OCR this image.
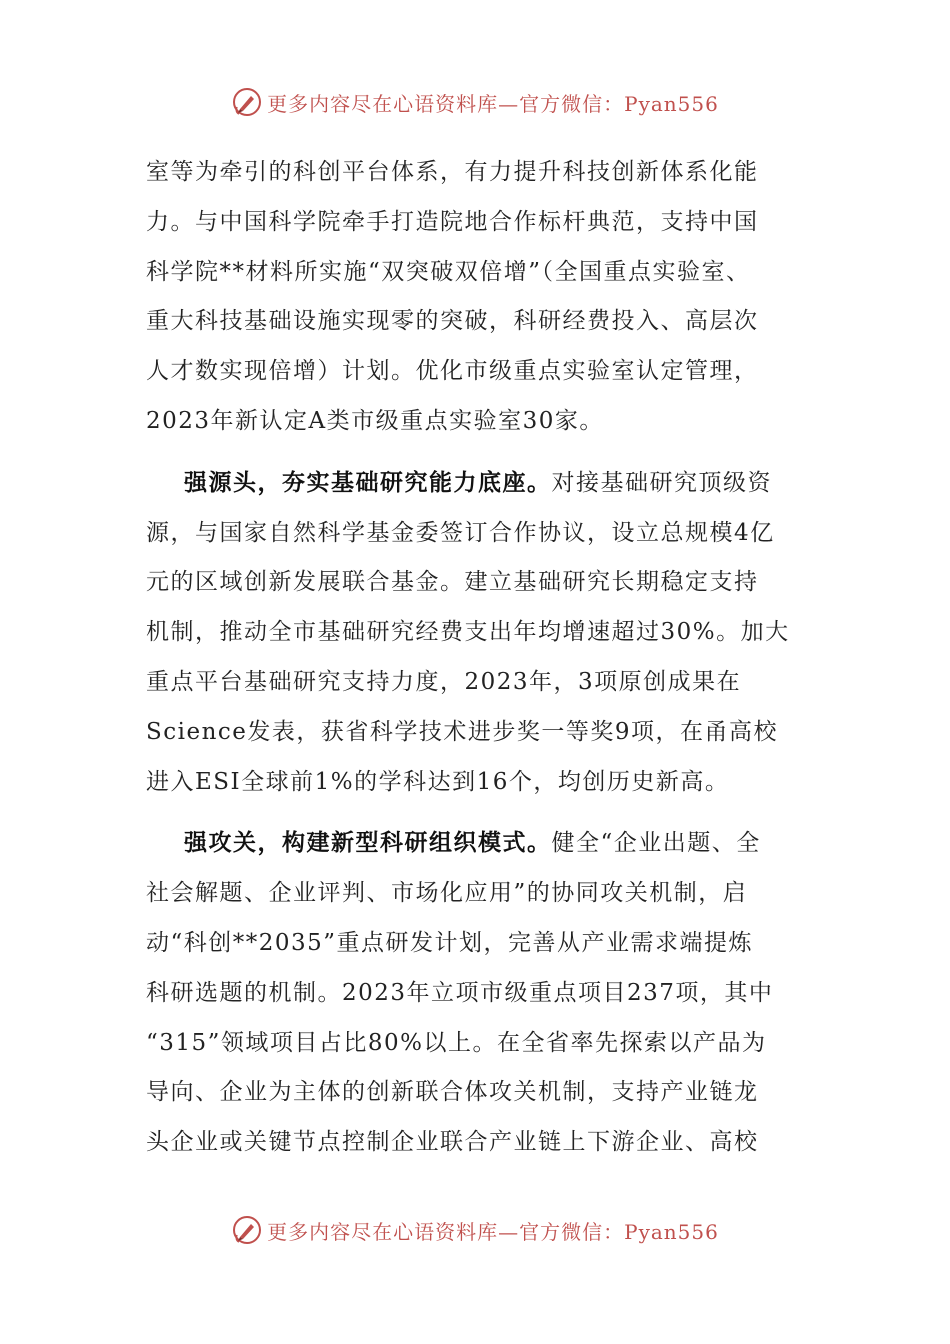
更多内容尽在心语资料库—官方微信：Pyan556
室等为牵引的科创平台体系，有力提升科技创新体系化能
力。与中国科学院牵手打造院地合作标杆典范，支持中国
科学院**材料所实施“双突破双倍增”（全国重点实验室、
重大科技基础设施实现零的突破，科研经费投入、高层次
人才数实现倍增）计划。优化市级重点实验室认定管理，
2023年新认定A类市级重点实验室30家。
强源头，夯实基础研究能力底座。对接基础研究顶级资
源，与国家自然科学基金委签订合作协议，设立总规模4亿
元的区域创新发展联合基金。建立基础研究长期稳定支持
机制，推动全市基础研究经费支出年均增速超过30%。加大
重点平台基础研究支持力度，2023年，3项原创成果在
Science发表，获省科学技术进步奖一等奖9项，在甬高校
进入ESI全球前1%的学科达到16个，均创历史新高。
强攻关，构建新型科研组织模式。健全“企业出题、全
社会解题、企业评判、市场化应用”的协同攻关机制，启
动“科创**2035”重点研发计划，完善从产业需求端提炼
科研选题的机制。2023年立项市级重点项目237项，其中
“315”领域项目占比80%以上。在全省率先探索以产品为
导向、企业为主体的创新联合体攻关机制，支持产业链龙
头企业或关键节点控制企业联合产业链上下游企业、高校
更多内容尽在心语资料库—官方微信：Pyan556
